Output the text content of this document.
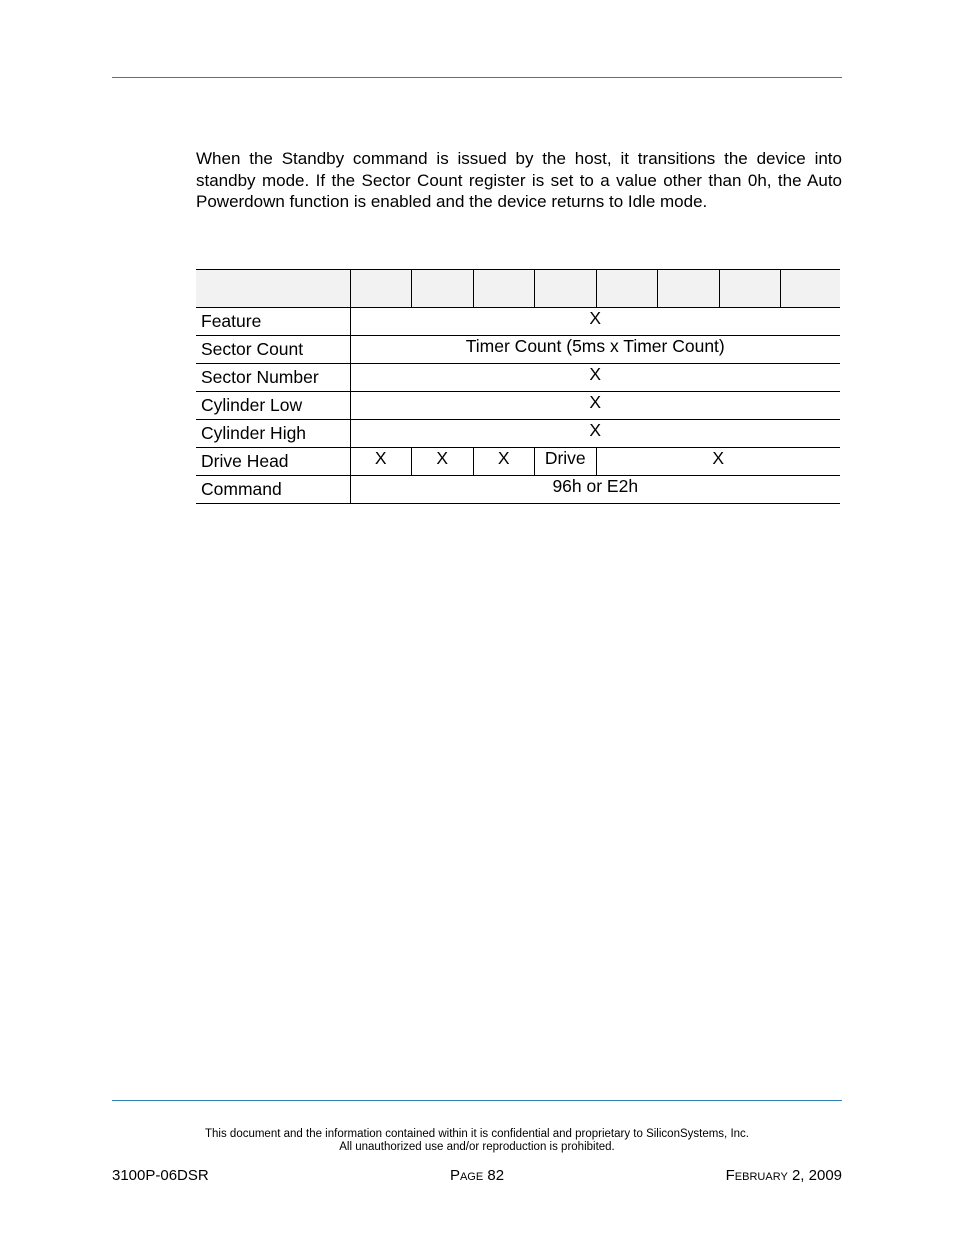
When the Standby command is issued by the host, it transitions the device into standby mode. If the Sector Count register is set to a value other than 0h, the Auto Powerdown function is enabled and the device returns to Idle mode.

Feature	X							
Sector Count	Timer Count (5ms x Timer Count)							
Sector Number	X							
Cylinder Low	X							
Cylinder High	X							
Drive Head	X	X	X	Drive	X			
Command	96h or E2h							
This document and the information contained within it is confidential and proprietary to SiliconSystems, Inc.
All unauthorized use and/or reproduction is prohibited.
3100P-06DSR	PAGE 82	FEBRUARY 2, 2009
